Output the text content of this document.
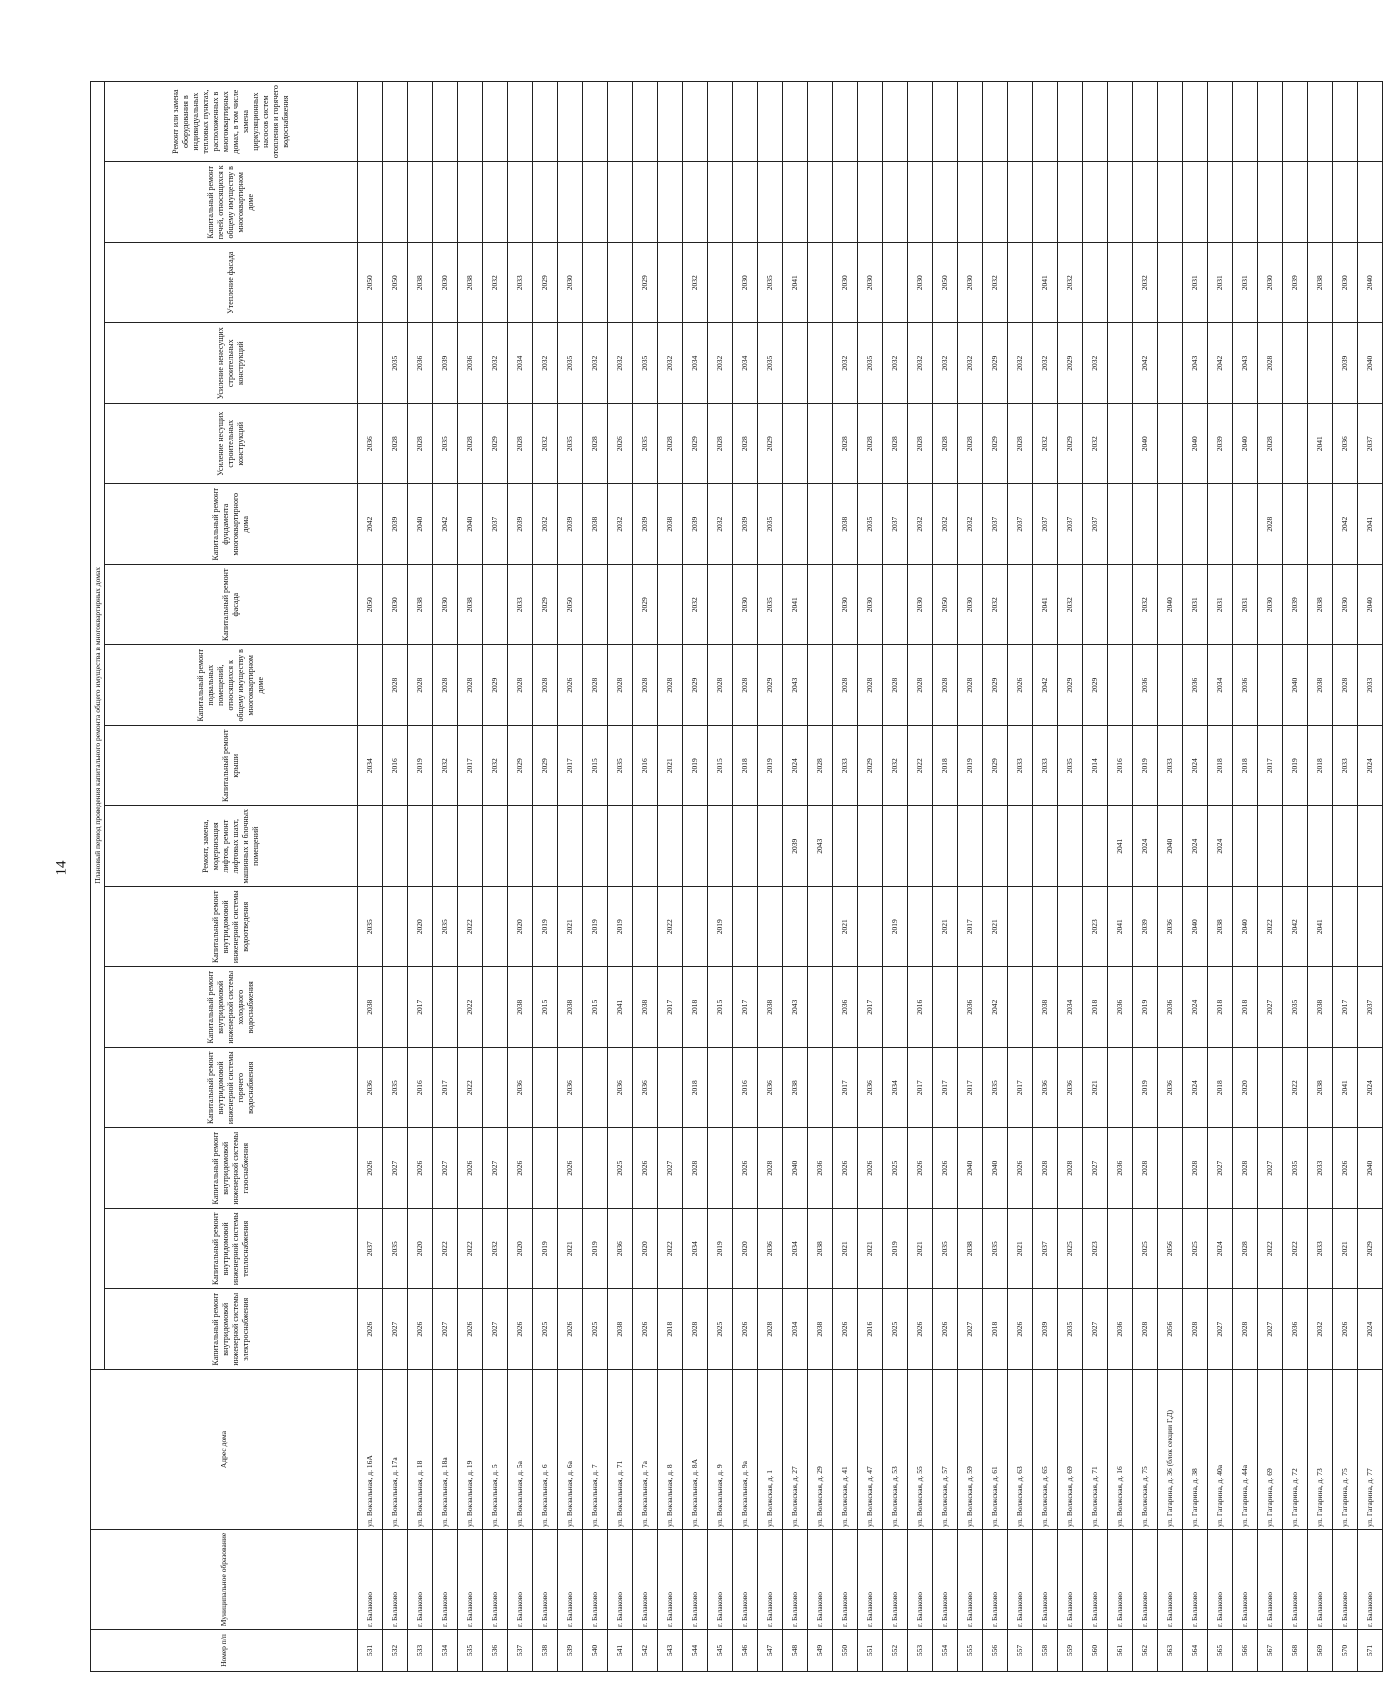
14
Номер п/п	Муниципальное образование	Адрес дома	Плановый период проведения капитального ремонта общего имущества в многоквартирных домах															
			Капитальный ремонт внутридомовой инженерной системы электроснабжения	Капитальный ремонт внутридомовой инженерной системы теплоснабжения	Капитальный ремонт внутридомовой инженерной системы газоснабжения	Капитальный ремонт внутридомовой инженерной системы горячего водоснабжения	Капитальный ремонт внутридомовой инженерной системы холодного водоснабжения	Капитальный ремонт внутридомовой инженерной системы водоотведения	Ремонт, замена, модернизация лифтов, ремонт лифтовых шахт, машинных и блочных помещений	Капитальный ремонт крыши	Капитальный ремонт подвальных помещений, относящихся к общему имуществу в многоквартирном доме	Капитальный ремонт фасада	Капитальный ремонт фундамента многоквартирного дома	Усиление несущих строительных конструкций	Усиление ненесущих строительных конструкций	Утепление фасада	Капитальный ремонт печей, относящихся к общему имуществу в многоквартирном доме	Ремонт или замена оборудования в индивидуальных тепловых пунктах, расположенных в многоквартирных домах, в том числе замена циркуляционных насосов систем отопления и горячего водоснабжения
531	г. Балаково	ул. Вокзальная, д. 16А	2026	2037	2026	2036	2038	2035		2034		2050	2042	2036		2050		
532	г. Балаково	ул. Вокзальная, д. 17а	2027	2035	2027	2035				2016	2028	2030	2039	2028	2035	2050		
533	г. Балаково	ул. Вокзальная, д. 18	2026	2020	2026	2016	2017	2020		2019	2028	2038	2040	2028	2036	2038		
534	г. Балаково	ул. Вокзальная, д. 18а	2027	2022	2027	2017		2035		2032	2028	2030	2042	2035	2039	2030		
535	г. Балаково	ул. Вокзальная, д. 19	2026	2022	2026	2022	2022	2022		2017	2028	2038	2040	2028	2036	2038		
536	г. Балаково	ул. Вокзальная, д. 5	2027	2032	2027					2032	2029		2037	2029	2032	2032		
537	г. Балаково	ул. Вокзальная, д. 5а	2026	2020	2026	2036	2038	2020		2029	2028	2033	2039	2028	2034	2033		
538	г. Балаково	ул. Вокзальная, д. 6	2025	2019			2015	2019		2029	2028	2029	2032	2032	2032	2029		
539	г. Балаково	ул. Вокзальная, д. 6а	2026	2021	2026	2036	2038	2021		2017	2026	2050	2039	2035	2035	2030		
540	г. Балаково	ул. Вокзальная, д. 7	2025	2019			2015	2019		2015	2028		2038	2028	2032			
541	г. Балаково	ул. Вокзальная, д. 71	2038	2036	2025	2036	2041	2019		2035	2028		2032	2026	2032			
542	г. Балаково	ул. Вокзальная, д. 7а	2026	2020	2026	2036	2038			2016	2028	2029	2039	2035	2035	2029		
543	г. Балаково	ул. Вокзальная, д. 8	2018	2022	2027		2017	2022		2021	2028		2038	2028	2032			
544	г. Балаково	ул. Вокзальная, д. 8А	2028	2034	2028	2018	2018			2019	2029	2032	2039	2029	2034	2032		
545	г. Балаково	ул. Вокзальная, д. 9	2025	2019			2015	2019		2015	2028		2032	2028	2032			
546	г. Балаково	ул. Вокзальная, д. 9а	2026	2020	2026	2016	2017			2018	2028	2030	2039	2028	2034	2030		
547	г. Балаково	ул. Волжская, д. 1	2028	2036	2028	2036	2038			2019	2029	2035	2035	2029	2035	2035		
548	г. Балаково	ул. Волжская, д. 27	2034	2034	2040	2038	2043		2039	2024	2043	2041				2041		
549	г. Балаково	ул. Волжская, д. 29	2038	2038	2036				2043	2028								
550	г. Балаково	ул. Волжская, д. 41	2026	2021	2026	2017	2036	2021		2033	2028	2030	2038	2028	2032	2030		
551	г. Балаково	ул. Волжская, д. 47	2016	2021	2026	2036	2017			2029	2028	2030	2035	2028	2035	2030		
552	г. Балаково	ул. Волжская, д. 53	2025	2019	2025	2034		2019		2032	2028		2037	2028	2032			
553	г. Балаково	ул. Волжская, д. 55	2026	2021	2026	2017	2016			2022	2028	2030	2032	2028	2032	2030		
554	г. Балаково	ул. Волжская, д. 57	2026	2035	2026	2017		2021		2018	2028	2050	2032	2028	2032	2050		
555	г. Балаково	ул. Волжская, д. 59	2027	2038	2040	2017	2036	2017		2019	2028	2030	2032	2028	2032	2030		
556	г. Балаково	ул. Волжская, д. 61	2018	2035	2040	2035	2042	2021		2029	2029	2032	2037	2029	2029	2032		
557	г. Балаково	ул. Волжская, д. 63	2026	2021	2026	2017				2033	2026		2037	2028	2032			
558	г. Балаково	ул. Волжская, д. 65	2039	2037	2028	2036	2038			2033	2042	2041	2037	2032	2032	2041		
559	г. Балаково	ул. Волжская, д. 69	2035	2025	2028	2036	2034			2035	2029	2032	2037	2029	2029	2032		
560	г. Балаково	ул. Волжская, д. 71	2027	2023	2027	2021	2018	2023		2014	2029		2037	2032	2032			
561	г. Балаково	ул. Волжская, д. 16	2036		2036		2036	2041	2041	2016								
562	г. Балаково	ул. Волжская, д. 75	2028	2025	2028	2019	2019	2039	2024	2019	2036	2032		2040	2042	2032		
563	г. Балаково	ул. Гагарина, д. 36 (блок секции Г,Д)	2056	2056		2036	2036	2036	2040	2033		2040						
564	г. Балаково	ул. Гагарина, д. 38	2028	2025	2028	2024	2024	2040	2024	2024	2036	2031		2040	2043	2031		
565	г. Балаково	ул. Гагарина, д. 40а	2027	2024	2027	2018	2018	2038	2024	2018	2034	2031		2039	2042	2031		
566	г. Балаково	ул. Гагарина, д. 44а	2028	2028	2028	2020	2018	2040		2018	2036	2031		2040	2043	2031		
567	г. Балаково	ул. Гагарина, д. 69	2027	2022	2027		2027	2022		2017		2030	2028	2028	2028	2030		
568	г. Балаково	ул. Гагарина, д. 72	2036	2022	2035	2022	2035	2042		2019	2040	2039				2039		
569	г. Балаково	ул. Гагарина, д. 73	2032	2033	2033	2038	2038	2041		2018	2038	2038		2041		2038		
570	г. Балаково	ул. Гагарина, д. 75	2026	2021	2026	2041	2017			2033	2028	2030	2042	2036	2039	2030		
571	г. Балаково	ул. Гагарина, д. 77	2024	2029	2040	2024	2037			2024	2033	2040	2041	2037	2040	2040		
